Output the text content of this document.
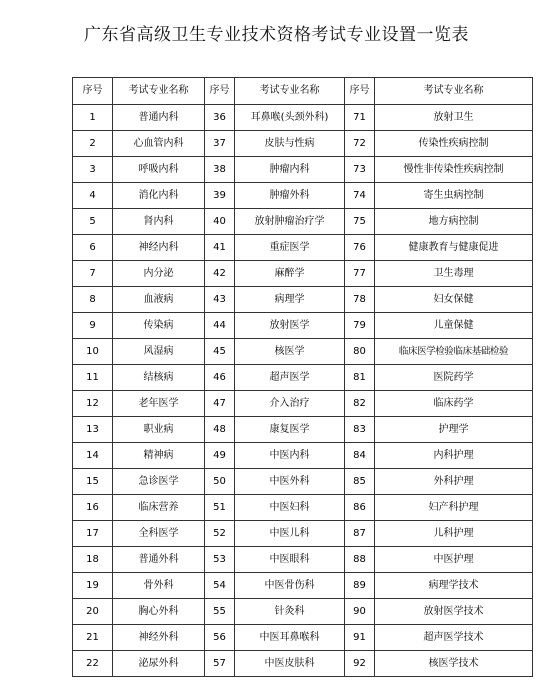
广东省高级卫生专业技术资格考试专业设置一览表
序号	考试专业名称	序号	考试专业名称	序号	考试专业名称
1	普通内科	36	耳鼻喉(头颈外科)	71	放射卫生
2	心血管内科	37	皮肤与性病	72	传染性疾病控制
3	呼吸内科	38	肿瘤内科	73	慢性非传染性疾病控制
4	消化内科	39	肿瘤外科	74	寄生虫病控制
5	肾内科	40	放射肿瘤治疗学	75	地方病控制
6	神经内科	41	重症医学	76	健康教育与健康促进
7	内分泌	42	麻醉学	77	卫生毒理
8	血液病	43	病理学	78	妇女保健
9	传染病	44	放射医学	79	儿童保健
10	风湿病	45	核医学	80	临床医学检验临床基础检验
11	结核病	46	超声医学	81	医院药学
12	老年医学	47	介入治疗	82	临床药学
13	职业病	48	康复医学	83	护理学
14	精神病	49	中医内科	84	内科护理
15	急诊医学	50	中医外科	85	外科护理
16	临床营养	51	中医妇科	86	妇产科护理
17	全科医学	52	中医儿科	87	儿科护理
18	普通外科	53	中医眼科	88	中医护理
19	骨外科	54	中医骨伤科	89	病理学技术
20	胸心外科	55	针灸科	90	放射医学技术
21	神经外科	56	中医耳鼻喉科	91	超声医学技术
22	泌尿外科	57	中医皮肤科	92	核医学技术
